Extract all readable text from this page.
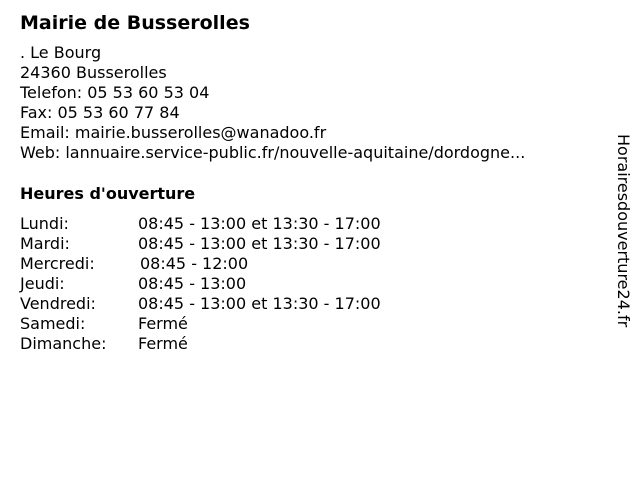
Mairie de Busserolles
. Le Bourg
24360 Busserolles
Telefon: 05 53 60 53 04
Fax: 05 53 60 77 84
Email: mairie.busserolles@wanadoo.fr
Web: lannuaire.service-public.fr/nouvelle-aquitaine/dordogne...
Heures d'ouverture
Lundi:	08:45 - 13:00 et 13:30 - 17:00
Mardi:	08:45 - 13:00 et 13:30 - 17:00
Mercredi:	08:45 - 12:00
Jeudi:	08:45 - 13:00
Vendredi:	08:45 - 13:00 et 13:30 - 17:00
Samedi:	Fermé
Dimanche: Fermé
Horairesdouverture24.fr
